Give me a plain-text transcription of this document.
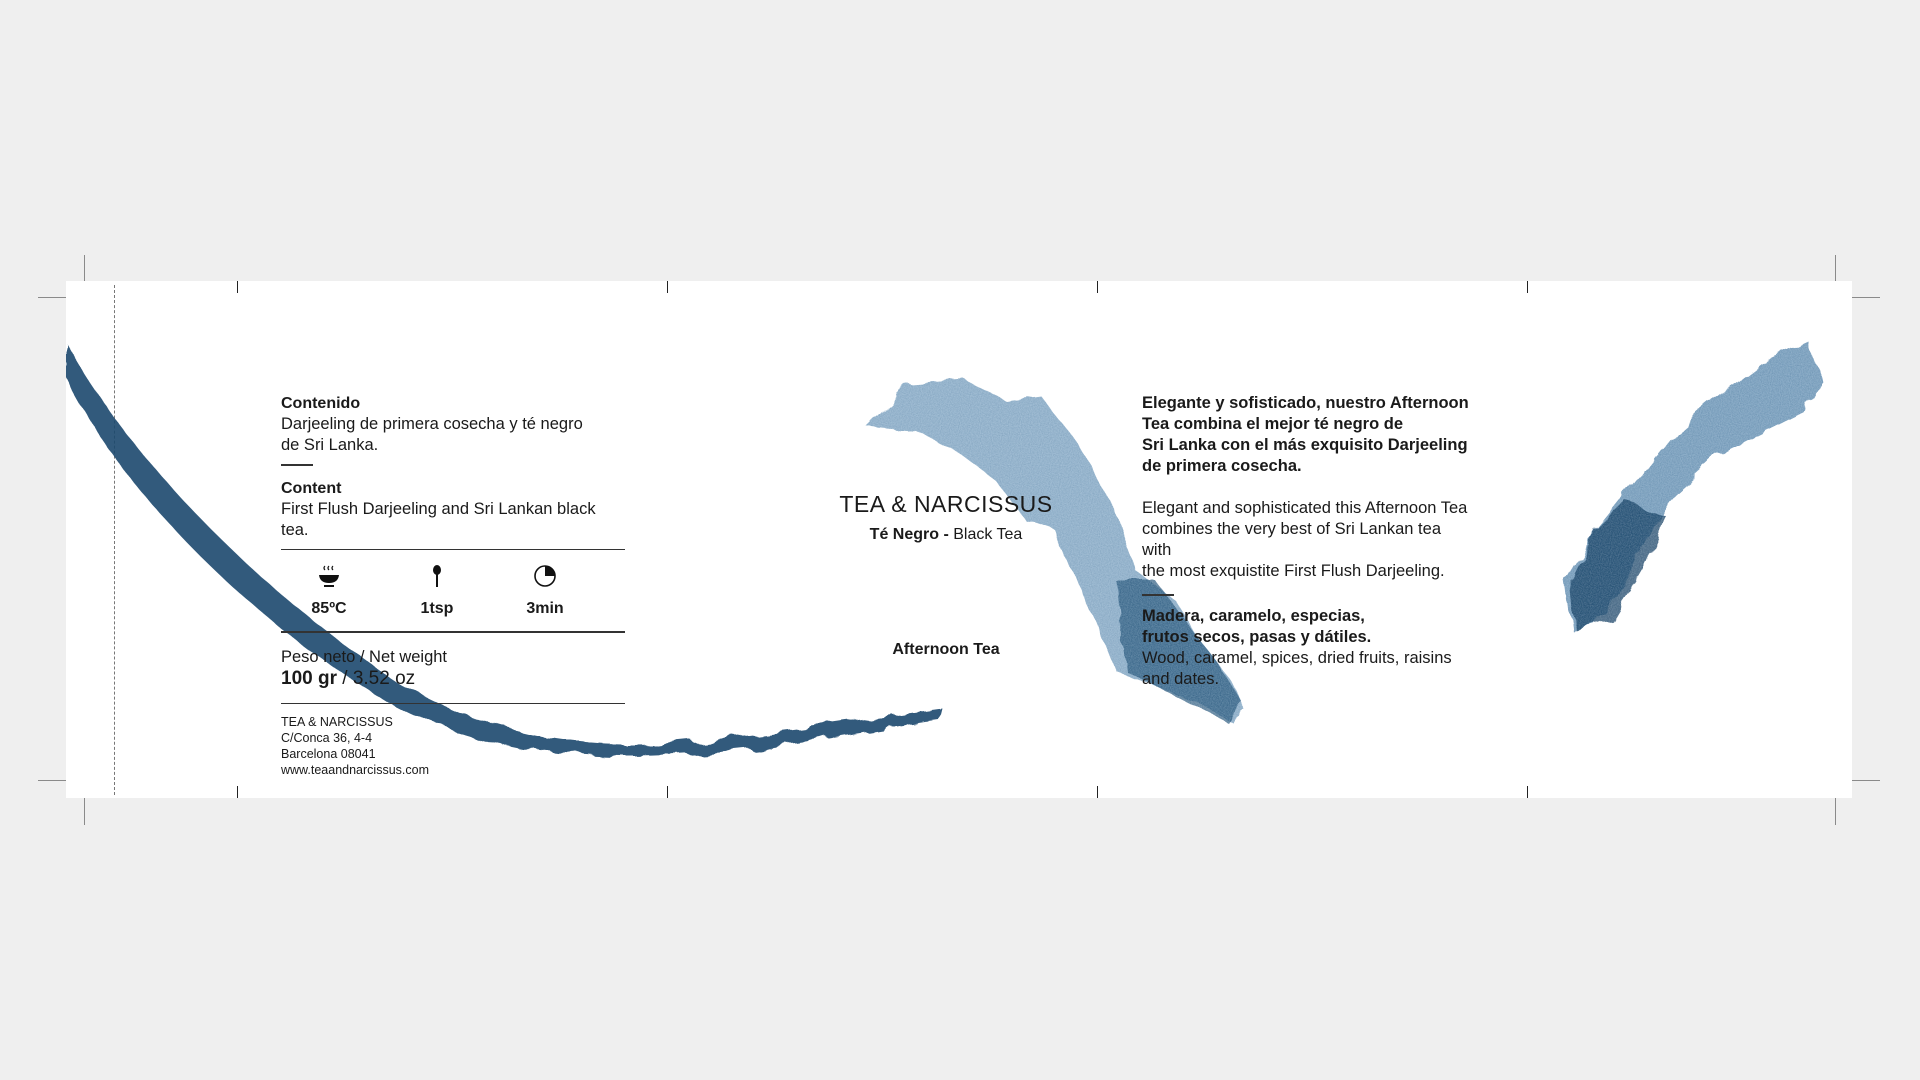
Contenido
Darjeeling de primera cosecha y té negro
de Sri Lanka.
Content
First Flush Darjeeling and Sri Lankan black tea.
85ºC	1tsp	3min
Peso neto / Net weight
100 gr / 3.52 oz
TEA & NARCISSUS
C/Conca 36, 4-4
Barcelona 08041
www.teaandnarcissus.com
TEA & NARCISSUS
Té Negro - Black Tea
Afternoon Tea
Elegante y sofisticado, nuestro Afternoon
Tea combina el mejor té negro de
Sri Lanka con el más exquisito Darjeeling
de primera cosecha.
Elegant and sophisticated this Afternoon Tea
combines the very best of Sri Lankan tea with
the most exquistite First Flush Darjeeling.
Madera, caramelo, especias,
frutos secos, pasas y dátiles.
Wood, caramel, spices, dried fruits, raisins
and dates.
